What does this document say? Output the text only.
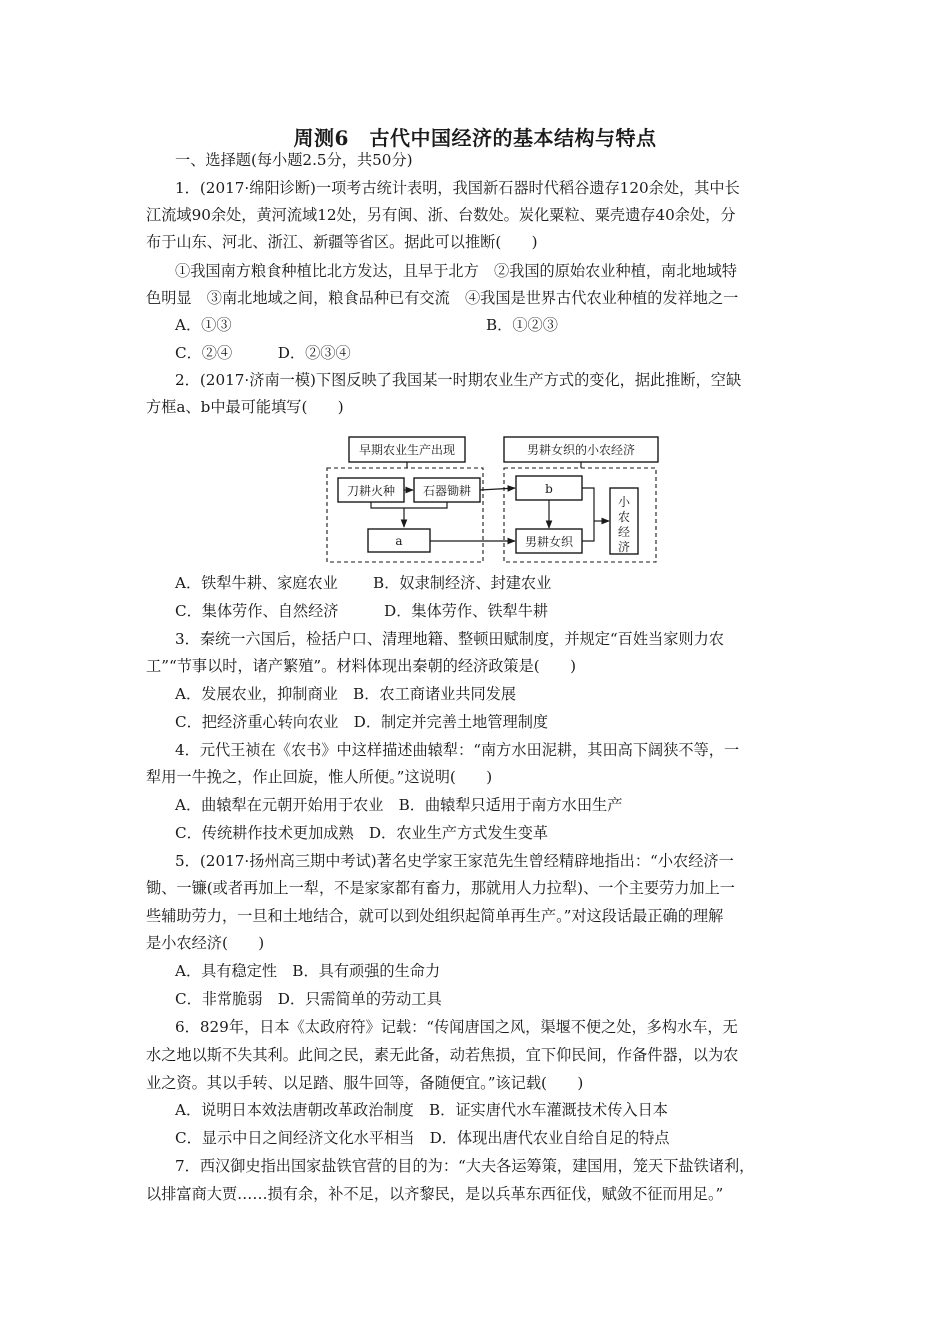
周测6　古代中国经济的基本结构与特点
一、选择题(每小题2.5分，共50分)
1．(2017·绵阳诊断)一项考古统计表明，我国新石器时代稻谷遗存120余处，其中长
江流域90余处，黄河流域12处，另有闽、浙、台数处。炭化粟粒、粟壳遗存40余处，分
布于山东、河北、浙江、新疆等省区。据此可以推断(　　)
①我国南方粮食种植比北方发达，且早于北方　②我国的原始农业种植，南北地域特
色明显　③南北地域之间，粮食品种已有交流　④我国是世界古代农业种植的发祥地之一
A．①③	B．①②③
C．②④　　　D．②③④
2．(2017·济南一模)下图反映了我国某一时期农业生产方式的变化，据此推断，空缺
方框a、b中最可能填写(　　)
早期农业生产出现	男耕女织的小农经济
刀耕火种 石器锄耕
a
b
男耕女织
小
农
经
济
A．铁犁牛耕、家庭农业　　 B．奴隶制经济、封建农业
C．集体劳作、自然经济　　　D．集体劳作、铁犁牛耕
3．秦统一六国后，检括户口、清理地籍、整顿田赋制度，并规定“百姓当家则力农
工”“节事以时，诸产繁殖”。材料体现出秦朝的经济政策是(　　)
A．发展农业，抑制商业　B．农工商诸业共同发展
C．把经济重心转向农业　D．制定并完善土地管理制度
4．元代王祯在《农书》中这样描述曲辕犁：“南方水田泥耕，其田高下阔狭不等，一
犁用一牛挽之，作止回旋，惟人所便。”这说明(　　)
A．曲辕犁在元朝开始用于农业　B．曲辕犁只适用于南方水田生产
C．传统耕作技术更加成熟　D．农业生产方式发生变革
5．(2017·扬州高三期中考试)著名史学家王家范先生曾经精辟地指出：“小农经济一
锄、一镰(或者再加上一犁，不是家家都有畜力，那就用人力拉犁)、一个主要劳力加上一
些辅助劳力，一旦和土地结合，就可以到处组织起简单再生产。”对这段话最正确的理解
是小农经济(　　)
A．具有稳定性　B．具有顽强的生命力
C．非常脆弱　D．只需简单的劳动工具
6．829年，日本《太政府符》记载：“传闻唐国之风，渠堰不便之处，多构水车，无
水之地以斯不失其利。此间之民，素无此备，动若焦损，宜下仰民间，作备件器，以为农
业之资。其以手转、以足踏、服牛回等，备随便宜。”该记载(　　)
A．说明日本效法唐朝改革政治制度　B．证实唐代水车灌溉技术传入日本
C．显示中日之间经济文化水平相当　D．体现出唐代农业自给自足的特点
7．西汉御史指出国家盐铁官营的目的为：“大夫各运筹策，建国用，笼天下盐铁诸利，
以排富商大贾……损有余，补不足，以齐黎民，是以兵革东西征伐，赋敛不征而用足。”
